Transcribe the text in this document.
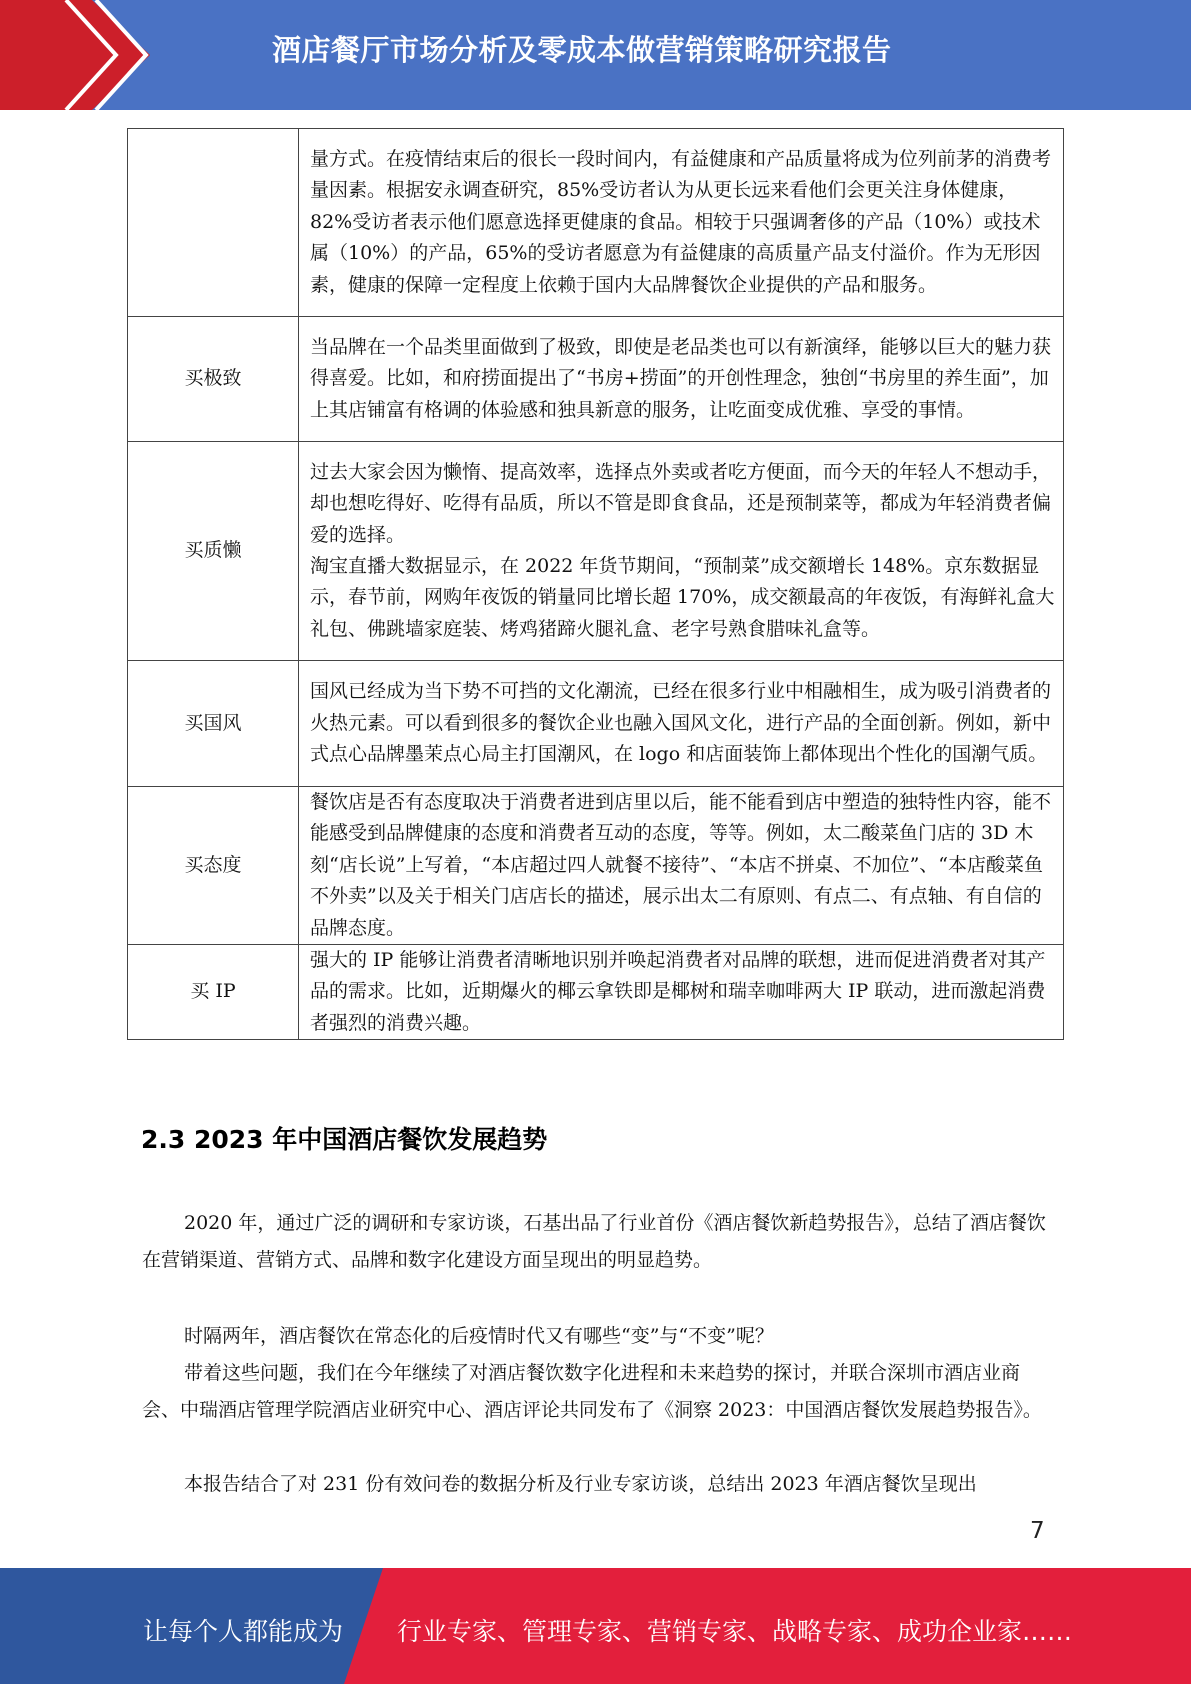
酒店餐厅市场分析及零成本做营销策略研究报告

	量方式。在疫情结束后的很长一段时间内，有益健康和产品质量将成为位列前茅的消费考量因素。根据安永调查研究，85%受访者认为从更长远来看他们会更关注身体健康，82%受访者表示他们愿意选择更健康的食品。相较于只强调奢侈的产品（10%）或技术属（10%）的产品，65%的受访者愿意为有益健康的高质量产品支付溢价。作为无形因素，健康的保障一定程度上依赖于国内大品牌餐饮企业提供的产品和服务。

买极致	当品牌在一个品类里面做到了极致，即使是老品类也可以有新演绎，能够以巨大的魅力获得喜爱。比如，和府捞面提出了“书房+捞面”的开创性理念，独创“书房里的养生面”，加上其店铺富有格调的体验感和独具新意的服务，让吃面变成优雅、享受的事情。

买质懒	过去大家会因为懒惰、提高效率，选择点外卖或者吃方便面，而今天的年轻人不想动手，却也想吃得好、吃得有品质，所以不管是即食食品，还是预制菜等，都成为年轻消费者偏爱的选择。

淘宝直播大数据显示，在 2022 年货节期间，“预制菜”成交额增长 148%。京东数据显示，春节前，网购年夜饭的销量同比增长超 170%，成交额最高的年夜饭，有海鲜礼盒大礼包、佛跳墙家庭装、烤鸡猪蹄火腿礼盒、老字号熟食腊味礼盒等。

买国风	国风已经成为当下势不可挡的文化潮流，已经在很多行业中相融相生，成为吸引消费者的火热元素。可以看到很多的餐饮企业也融入国风文化，进行产品的全面创新。例如，新中式点心品牌墨茉点心局主打国潮风，在 logo 和店面装饰上都体现出个性化的国潮气质。

买态度	餐饮店是否有态度取决于消费者进到店里以后，能不能看到店中塑造的独特性内容，能不能感受到品牌健康的态度和消费者互动的态度，等等。例如，太二酸菜鱼门店的 3D 木刻“店长说”上写着，“本店超过四人就餐不接待”、“本店不拼桌、不加位”、“本店酸菜鱼不外卖”以及关于相关门店店长的描述，展示出太二有原则、有点二、有点轴、有自信的品牌态度。

买 IP	强大的 IP 能够让消费者清晰地识别并唤起消费者对品牌的联想，进而促进消费者对其产品的需求。比如，近期爆火的椰云拿铁即是椰树和瑞幸咖啡两大 IP 联动，进而激起消费者强烈的消费兴趣。

2.3 2023 年中国酒店餐饮发展趋势

2020 年，通过广泛的调研和专家访谈，石基出品了行业首份《酒店餐饮新趋势报告》，总结了酒店餐饮在营销渠道、营销方式、品牌和数字化建设方面呈现出的明显趋势。

时隔两年，酒店餐饮在常态化的后疫情时代又有哪些“变”与“不变”呢？

带着这些问题，我们在今年继续了对酒店餐饮数字化进程和未来趋势的探讨，并联合深圳市酒店业商会、中瑞酒店管理学院酒店业研究中心、酒店评论共同发布了《洞察 2023：中国酒店餐饮发展趋势报告》。

本报告结合了对 231 份有效问卷的数据分析及行业专家访谈，总结出 2023 年酒店餐饮呈现出

7
让每个人都能成为 行业专家、管理专家、营销专家、战略专家、成功企业家……
